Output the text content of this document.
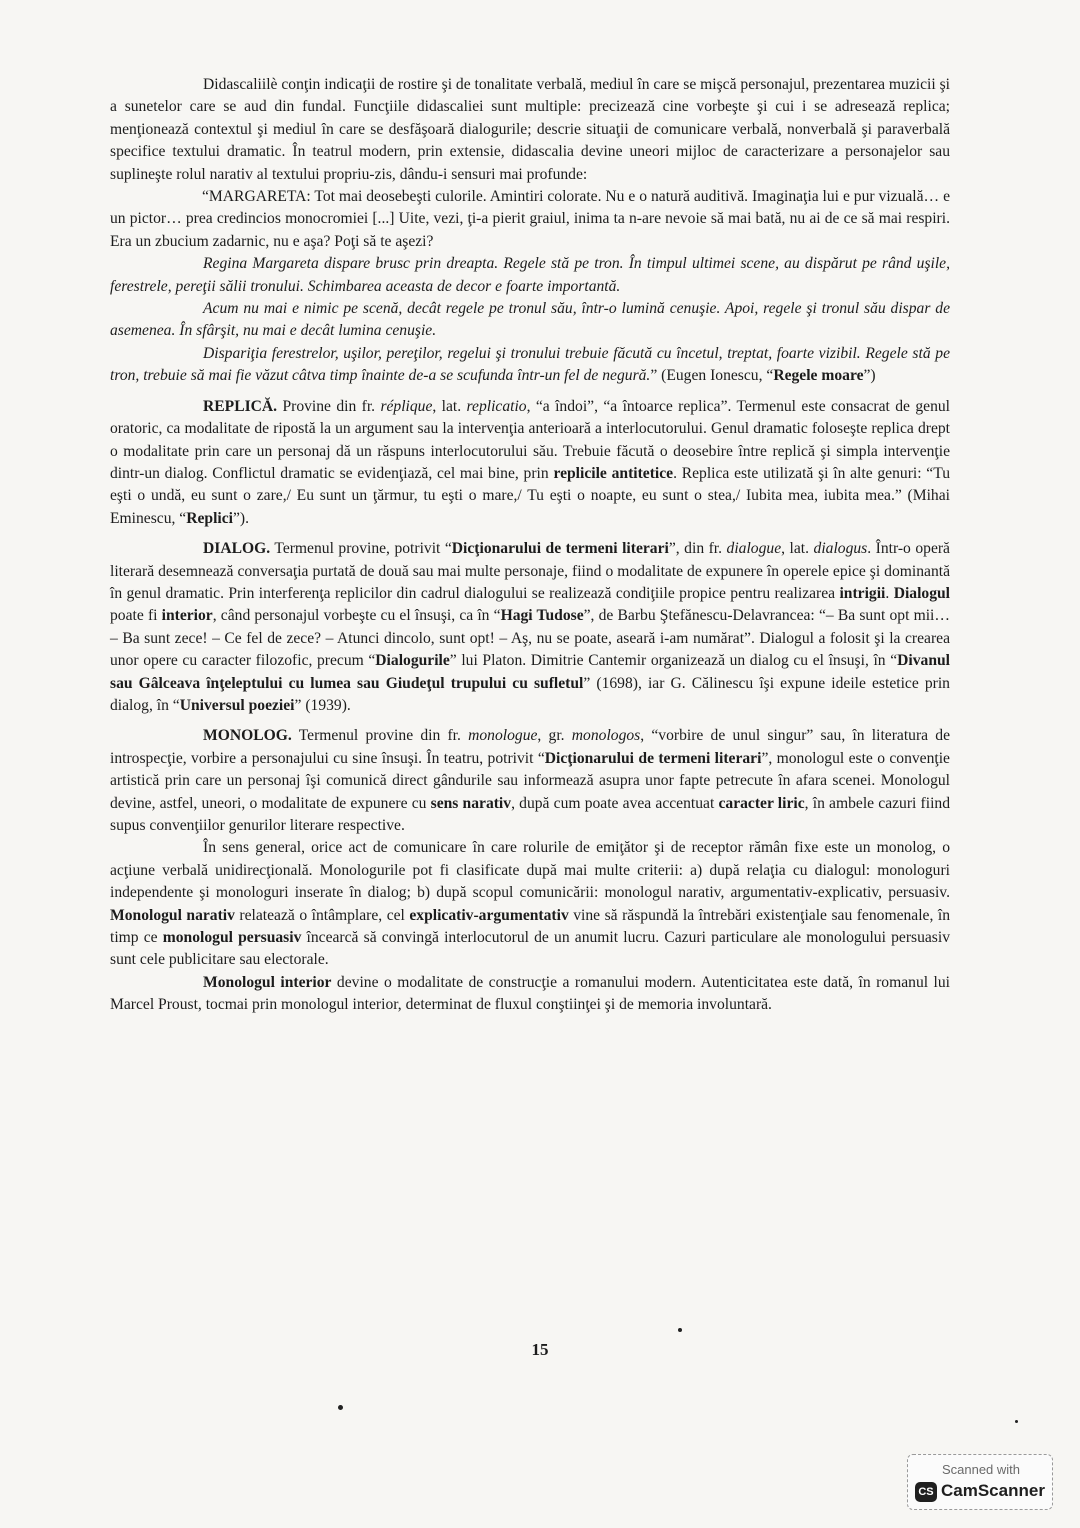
Didascaliilè conţin indicaţii de rostire şi de tonalitate verbală, mediul în care se mişcă personajul, prezentarea muzicii şi a sunetelor care se aud din fundal. Funcţiile didascaliei sunt multiple: precizează cine vorbeşte şi cui i se adresează replica; menţionează contextul şi mediul în care se desfăşoară dialogurile; descrie situaţii de comunicare verbală, nonverbală şi paraverbală specifice textului dramatic. În teatrul modern, prin extensie, didascalia devine uneori mijloc de caracterizare a personajelor sau suplineşte rolul narativ al textului propriu-zis, dându-i sensuri mai profunde:

“MARGARETA: Tot mai deosebeşti culorile. Amintiri colorate. Nu e o natură auditivă. Imaginaţia lui e pur vizuală… e un pictor… prea credincios monocromiei [...] Uite, vezi, ţi-a pierit graiul, inima ta n-are nevoie să mai bată, nu ai de ce să mai respiri. Era un zbucium zadarnic, nu e aşa? Poţi să te aşezi?

Regina Margareta dispare brusc prin dreapta. Regele stă pe tron. În timpul ultimei scene, au dispărut pe rând uşile, ferestrele, pereţii sălii tronului. Schimbarea aceasta de decor e foarte importantă.

Acum nu mai e nimic pe scenă, decât regele pe tronul său, într-o lumină cenuşie. Apoi, regele şi tronul său dispar de asemenea. În sfârşit, nu mai e decât lumina cenuşie.

Dispariţia ferestrelor, uşilor, pereţilor, regelui şi tronului trebuie făcută cu încetul, treptat, foarte vizibil. Regele stă pe tron, trebuie să mai fie văzut câtva timp înainte de-a se scufunda într-un fel de negură.” (Eugen Ionescu, “Regele moare”)

REPLICĂ. Provine din fr. réplique, lat. replicatio, “a îndoi”, “a întoarce replica”. Termenul este consacrat de genul oratoric, ca modalitate de ripostă la un argument sau la intervenţia anterioară a interlocutorului. Genul dramatic foloseşte replica drept o modalitate prin care un personaj dă un răspuns interlocutorului său. Trebuie făcută o deosebire între replică şi simpla intervenţie dintr-un dialog. Conflictul dramatic se evidenţiază, cel mai bine, prin replicile antitetice. Replica este utilizată şi în alte genuri: “Tu eşti o undă, eu sunt o zare,/ Eu sunt un ţărmur, tu eşti o mare,/ Tu eşti o noapte, eu sunt o stea,/ Iubita mea, iubita mea.” (Mihai Eminescu, “Replici”).

DIALOG. Termenul provine, potrivit “Dicţionarului de termeni literari”, din fr. dialogue, lat. dialogus. Într-o operă literară desemnează conversaţia purtată de două sau mai multe personaje, fiind o modalitate de expunere în operele epice şi dominantă în genul dramatic. Prin interferenţa replicilor din cadrul dialogului se realizează condiţiile propice pentru realizarea intrigii. Dialogul poate fi interior, când personajul vorbeşte cu el însuşi, ca în “Hagi Tudose”, de Barbu Ştefănescu-Delavrancea: “– Ba sunt opt mii… – Ba sunt zece! – Ce fel de zece? – Atunci dincolo, sunt opt! – Aş, nu se poate, aseară i-am numărat”. Dialogul a folosit şi la crearea unor opere cu caracter filozofic, precum “Dialogurile” lui Platon. Dimitrie Cantemir organizează un dialog cu el însuşi, în “Divanul sau Gâlceava înţeleptului cu lumea sau Giudeţul trupului cu sufletul” (1698), iar G. Călinescu îşi expune ideile estetice prin dialog, în “Universul poeziei” (1939).

MONOLOG. Termenul provine din fr. monologue, gr. monologos, “vorbire de unul singur” sau, în literatura de introspecţie, vorbire a personajului cu sine însuşi. În teatru, potrivit “Dicţionarului de termeni literari”, monologul este o convenţie artistică prin care un personaj îşi comunică direct gândurile sau informează asupra unor fapte petrecute în afara scenei. Monologul devine, astfel, uneori, o modalitate de expunere cu sens narativ, după cum poate avea accentuat caracter liric, în ambele cazuri fiind supus convenţiilor genurilor literare respective.

În sens general, orice act de comunicare în care rolurile de emiţător şi de receptor rămân fixe este un monolog, o acţiune verbală unidirecţională. Monologurile pot fi clasificate după mai multe criterii: a) după relaţia cu dialogul: monologuri independente şi monologuri inserate în dialog; b) după scopul comunicării: monologul narativ, argumentativ-explicativ, persuasiv. Monologul narativ relatează o întâmplare, cel explicativ-argumentativ vine să răspundă la întrebări existenţiale sau fenomenale, în timp ce monologul persuasiv încearcă să convingă interlocutorul de un anumit lucru. Cazuri particulare ale monologului persuasiv sunt cele publicitare sau electorale.

Monologul interior devine o modalitate de construcţie a romanului modern. Autenticitatea este dată, în romanul lui Marcel Proust, tocmai prin monologul interior, determinat de fluxul conştiinţei şi de memoria involuntară.

15
Scanned with
CS CamScanner
